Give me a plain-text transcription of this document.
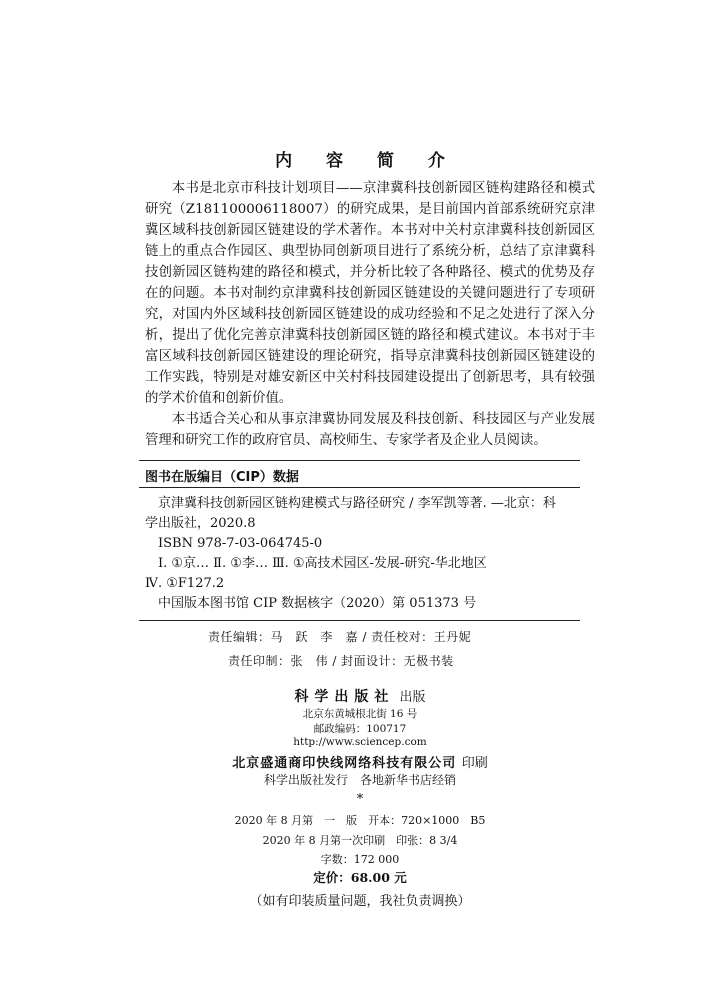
内 容 简 介

本书是北京市科技计划项目——京津冀科技创新园区链构建路径和模式研究（Z181100006118007）的研究成果，是目前国内首部系统研究京津冀区域科技创新园区链建设的学术著作。本书对中关村京津冀科技创新园区链上的重点合作园区、典型协同创新项目进行了系统分析，总结了京津冀科技创新园区链构建的路径和模式，并分析比较了各种路径、模式的优势及存在的问题。本书对制约京津冀科技创新园区链建设的关键问题进行了专项研究，对国内外区域科技创新园区链建设的成功经验和不足之处进行了深入分析，提出了优化完善京津冀科技创新园区链的路径和模式建议。本书对于丰富区域科技创新园区链建设的理论研究，指导京津冀科技创新园区链建设的工作实践，特别是对雄安新区中关村科技园建设提出了创新思考，具有较强的学术价值和创新价值。

本书适合关心和从事京津冀协同发展及科技创新、科技园区与产业发展管理和研究工作的政府官员、高校师生、专家学者及企业人员阅读。

图书在版编目（CIP）数据
京津冀科技创新园区链构建模式与路径研究 / 李军凯等著. —北京：科
学出版社，2020.8
ISBN 978-7-03-064745-0
Ⅰ. ①京… Ⅱ. ①李… Ⅲ. ①高技术园区-发展-研究-华北地区
Ⅳ. ①F127.2
中国版本图书馆 CIP 数据核字（2020）第 051373 号
责任编辑：马　跃　李　嘉 / 责任校对：王丹妮
责任印制：张　伟 / 封面设计：无极书装
科学出版社 出版
北京东黄城根北街 16 号
邮政编码：100717
http://www.sciencep.com
北京盛通商印快线网络科技有限公司 印刷
科学出版社发行　各地新华书店经销
*
2020 年 8 月第　一　版　开本：720×1000　B5
2020 年 8 月第一次印刷　印张：8 3/4
字数：172 000
定价：68.00 元
（如有印装质量问题，我社负责调换）
